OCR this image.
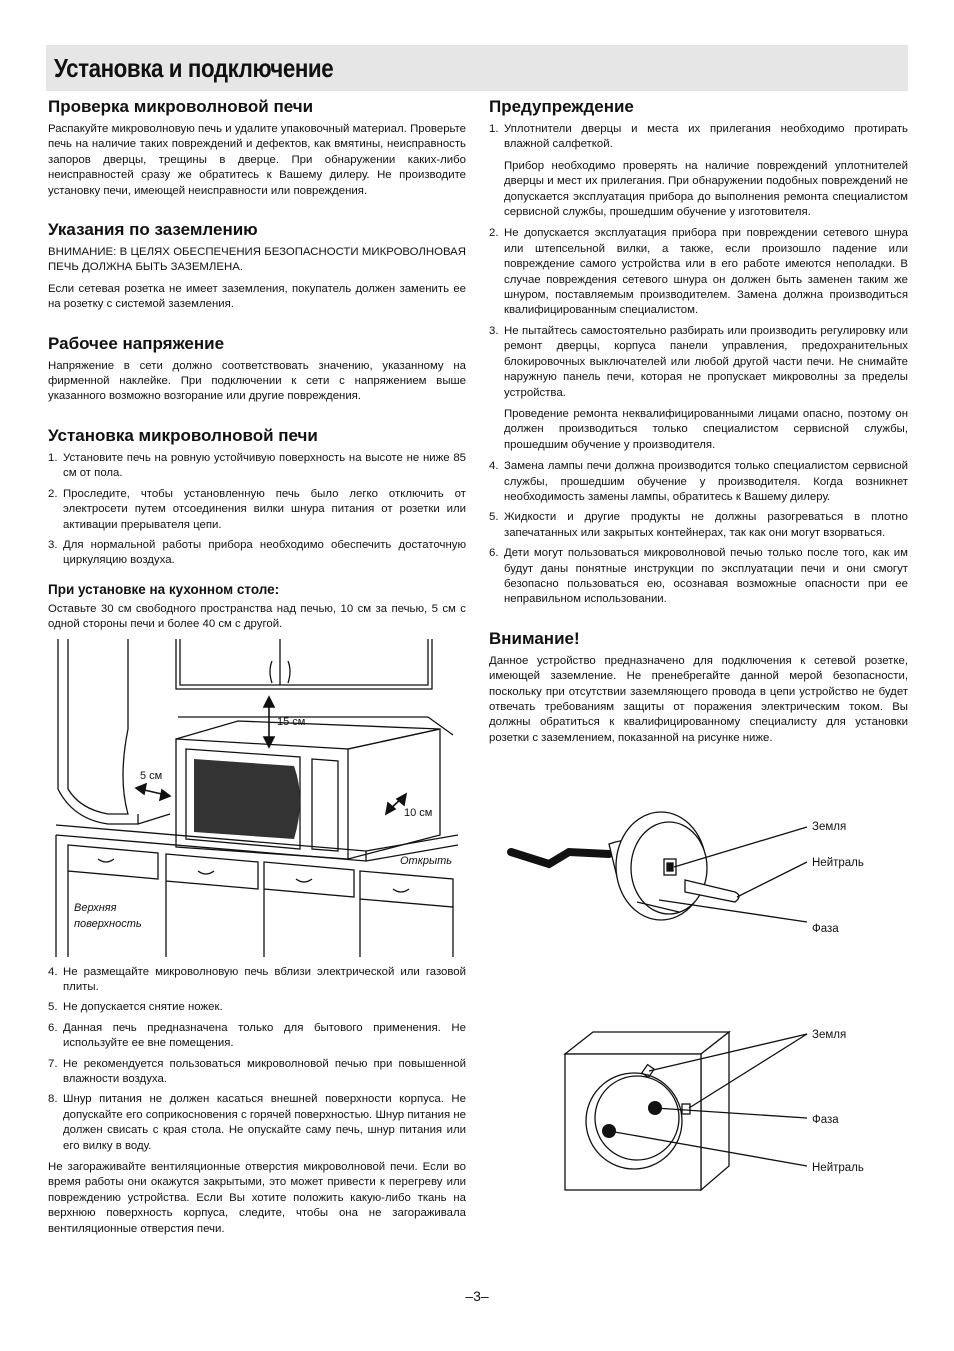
Установка и подключение
Проверка микроволновой печи

Распакуйте микроволновую печь и удалите упаковочный материал. Проверьте печь на наличие таких повреждений и дефектов, как вмятины, неисправность запоров дверцы, трещины в дверце. При обнаружении каких-либо неисправностей сразу же обратитесь к Вашему дилеру. Не производите установку печи, имеющей неисправности или повреждения.

Указания по заземлению

ВНИМАНИЕ: В ЦЕЛЯХ ОБЕСПЕЧЕНИЯ БЕЗОПАСНОСТИ МИКРОВОЛНОВАЯ ПЕЧЬ ДОЛЖНА БЫТЬ ЗАЗЕМЛЕНА.

Если сетевая розетка не имеет заземления, покупатель должен заменить ее на розетку с системой заземления.

Рабочее напряжение

Напряжение в сети должно соответствовать значению, указанному на фирменной наклейке. При подключении к сети с напряжением выше указанного возможно возгорание или другие повреждения.

Установка микроволновой печи
1. Установите печь на ровную устойчивую поверхность на высоте не ниже 85 см от пола.
2. Проследите, чтобы установленную печь было легко отключить от электросети путем отсоединения вилки шнура питания от розетки или активации прерывателя цепи.
3. Для нормальной работы прибора необходимо обеспечить достаточную циркуляцию воздуха.
При установке на кухонном столе:

Оставьте 30 см свободного пространства над печью, 10 см за печью, 5 см с одной стороны печи и более 40 см с другой.

15 см
5 см
10 см
Открыть
Верхняя
поверхность
4. Не размещайте микроволновую печь вблизи электрической или газовой плиты.
5. Не допускается снятие ножек.
6. Данная печь предназначена только для бытового применения. Не используйте ее вне помещения.
7. Не рекомендуется пользоваться микроволновой печью при повышенной влажности воздуха.
8. Шнур питания не должен касаться внешней поверхности корпуса. Не допускайте его соприкосновения с горячей поверхностью. Шнур питания не должен свисать с края стола. Не опускайте саму печь, шнур питания или его вилку в воду.

Не загораживайте вентиляционные отверстия микроволновой печи. Если во время работы они окажутся закрытыми, это может привести к перегреву или повреждению устройства. Если Вы хотите положить какую-либо ткань на верхнюю поверхность корпуса, следите, чтобы она не загораживала вентиляционные отверстия печи.

Предупреждение
1. Уплотнители дверцы и места их прилегания необходимо протирать влажной салфеткой.

Прибор необходимо проверять на наличие повреждений уплотнителей дверцы и мест их прилегания. При обнаружении подобных повреждений не допускается эксплуатация прибора до выполнения ремонта специалистом сервисной службы, прошедшим обучение у изготовителя.

2. Не допускается эксплуатация прибора при повреждении сетевого шнура или штепсельной вилки, а также, если произошло падение или повреждение самого устройства или в его работе имеются неполадки. В случае повреждения сетевого шнура он должен быть заменен таким же шнуром, поставляемым производителем. Замена должна производиться квалифицированным специалистом.
3. Не пытайтесь самостоятельно разбирать или производить регулировку или ремонт дверцы, корпуса панели управления, предохранительных блокировочных выключателей или любой другой части печи. Не снимайте наружную панель печи, которая не пропускает микроволны за пределы устройства.

Проведение ремонта неквалифицированными лицами опасно, поэтому он должен производиться только специалистом сервисной службы, прошедшим обучение у производителя.

4. Замена лампы печи должна производится только специалистом сервисной службы, прошедшим обучение у производителя. Когда возникнет необходимость замены лампы, обратитесь к Вашему дилеру.
5. Жидкости и другие продукты не должны разогреваться в плотно запечатанных или закрытых контейнерах, так как они могут взорваться.
6. Дети могут пользоваться микроволновой печью только после того, как им будут даны понятные инструкции по эксплуатации печи и они смогут безопасно пользоваться ею, осознавая возможные опасности при ее неправильном использовании.
Внимание!

Данное устройство предназначено для подключения к сетевой розетке, имеющей заземление. Не пренебрегайте данной мерой безопасности, поскольку при отсутствии заземляющего провода в цепи устройство не будет отвечать требованиям защиты от поражения электрическим током. Вы должны обратиться к квалифицированному специалисту для установки розетки с заземлением, показанной на рисунке ниже.

Земля
Нейтраль
Фаза
Земля
Фаза
Нейтраль
–3–
